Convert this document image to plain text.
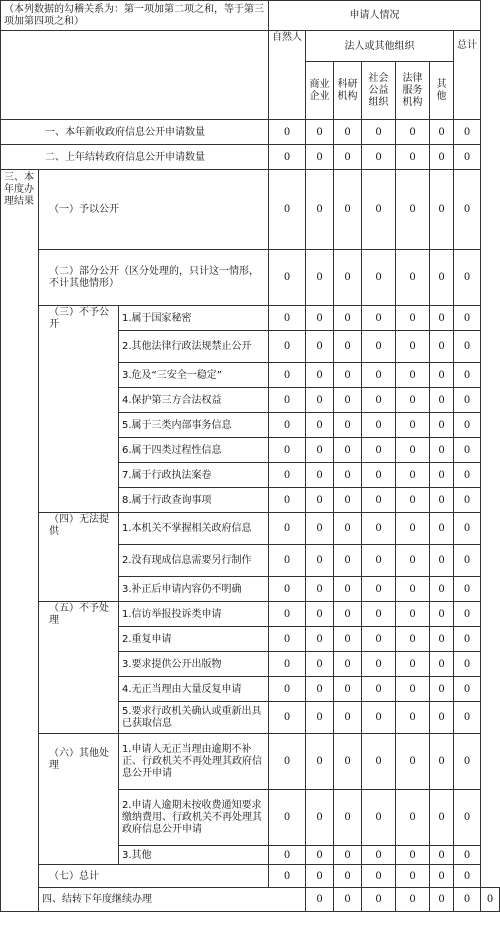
（本列数据的勾稽关系为：第一项加第二项之和，等于第三项加第四项之和）			申请人情况							
			自然人	法人或其他组织					总计	
				商业企业	科研机构	社会公益组织	法律服务机构	其他		
一、本年新收政府信息公开申请数量			0	0	0	0	0	0	0	
二、上年结转政府信息公开申请数量			0	0	0	0	0	0	0	

三、本年度办理结果	（一）予以公开		0	0	0	0	0	0	0	
	（二）部分公开（区分处理的，只计这一情形，不计其他情形）		0	0	0	0	0	0	0	
	（三）不予公开	1.属于国家秘密	0	0	0	0	0	0	0	
		2.其他法律行政法规禁止公开	0	0	0	0	0	0	0	
		3.危及“三安全一稳定”	0	0	0	0	0	0	0	
		4.保护第三方合法权益	0	0	0	0	0	0	0	
		5.属于三类内部事务信息	0	0	0	0	0	0	0	
		6.属于四类过程性信息	0	0	0	0	0	0	0	
		7.属于行政执法案卷	0	0	0	0	0	0	0	
		8.属于行政查询事项	0	0	0	0	0	0	0	
	（四）无法提供	1.本机关不掌握相关政府信息	0	0	0	0	0	0	0	
		2.没有现成信息需要另行制作	0	0	0	0	0	0	0	
		3.补正后申请内容仍不明确	0	0	0	0	0	0	0	
	（五）不予处理	1.信访举报投诉类申请	0	0	0	0	0	0	0	
		2.重复申请	0	0	0	0	0	0	0	
		3.要求提供公开出版物	0	0	0	0	0	0	0	
		4.无正当理由大量反复申请	0	0	0	0	0	0	0	
		5.要求行政机关确认或重新出具已获取信息	0	0	0	0	0	0	0	
	（六）其他处理	1.申请人无正当理由逾期不补正、行政机关不再处理其政府信息公开申请	0	0	0	0	0	0	0	
		2.申请人逾期未按收费通知要求缴纳费用、行政机关不再处理其政府信息公开申请	0	0	0	0	0	0	0	
		3.其他	0	0	0	0	0	0	0	
	（七）总计		0	0	0	0	0	0	0	
	四、结转下年度继续办理			0	0	0	0	0	0	0
